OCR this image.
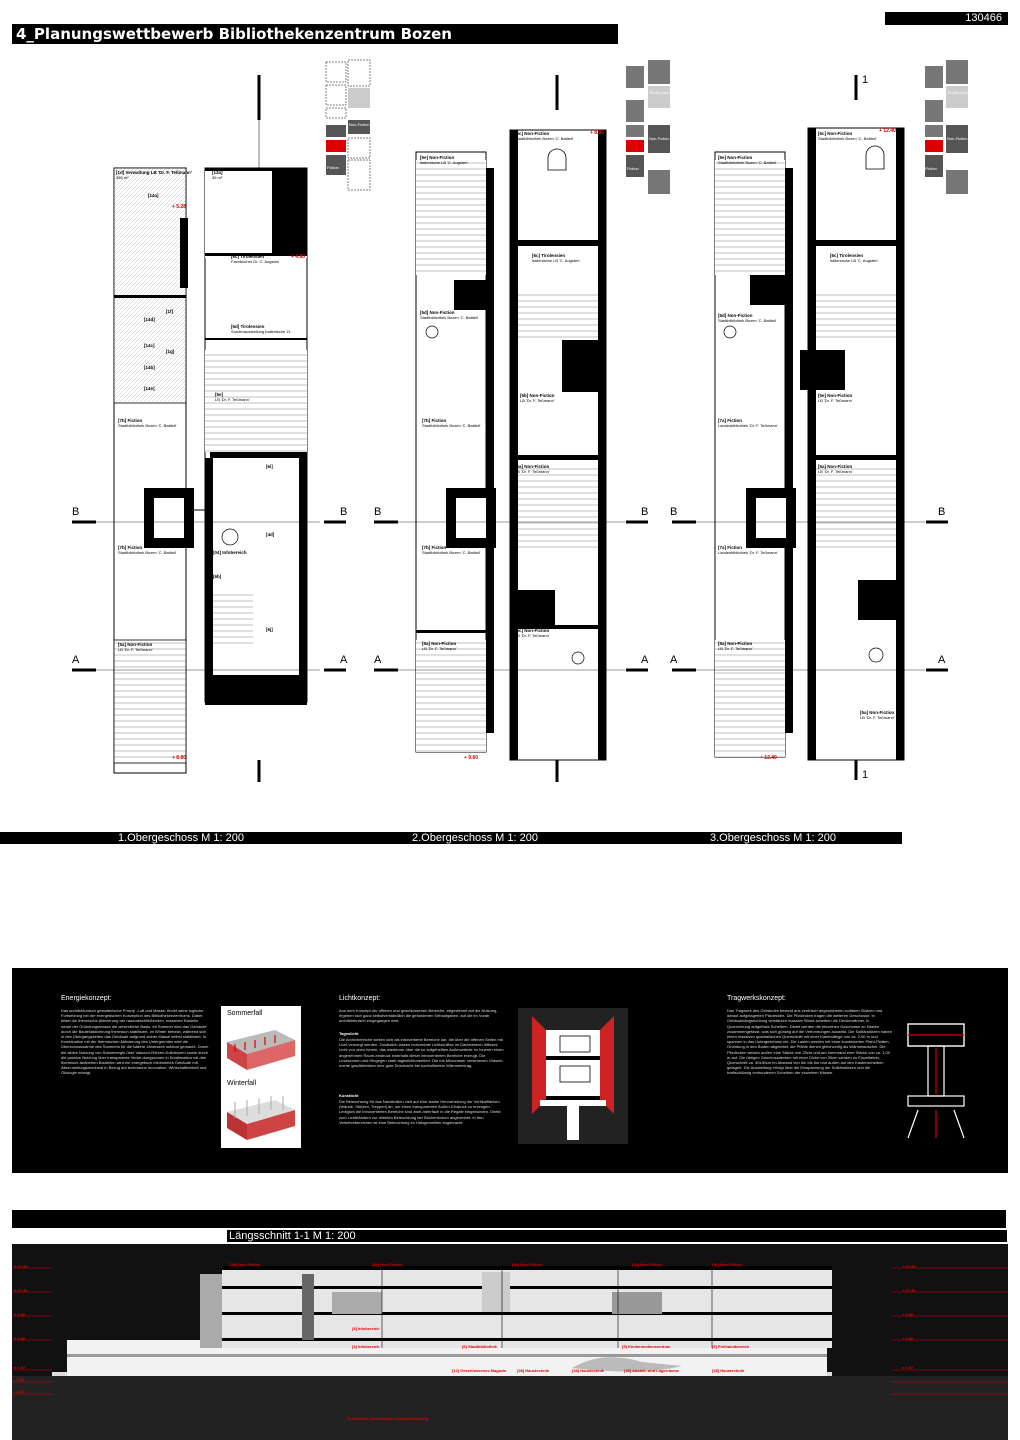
130466
4_Planungswettbewerb Bibliothekenzentrum Bozen
Non-Fiction
Fiction
Tirolen-sien
Non-Fiction
Fiction
Tirolen-sien
Non-Fiction
Fiction
B	B
A	A
B	B
A	A
B	B
A	A
1
1
+ 4.80
+ 5.28
+ 8.80
+ 8.80
+ 9.60
+ 12.40
+ 12.40
[1d] Verwaltung LB 'Dr. F. Teßmann'
389 m²
[13a]
36 m²
[14a]
[6c] Tirolensien
Fachbücher Dr. C. Augsten
[6d] Tirolensien
Sonderausstellung Italienische Zt.
[14d]
[14c]
[14b]
[1f]
[1g]
[14e]
[5e]
LB 'Dr. F. Teßmann'
[7b] Fiction
Stadtbibliothek Bozen 'C. Battisti'
[6i]
[4d]
[6j]
[7b] Fiction
Stadtbibliothek Bozen 'C. Battisti'	[04] Infobereich
[6b]
[5a] Non-Fiction
LB 'Dr. F. Teßmann'
[5c] Non-Fiction
Stadtbibliothek Bozen 'C. Battisti'
[5e] Non-Fiction
Italienische LB 'C. Augsten'
[6c] Tirolensien
Italienische LB 'C. Augsten'
[5d] Non-Fiction
Stadtbibliothek Bozen 'C. Battisti'
[5b] Non-Fiction
LB 'Dr. F. Teßmann'
[7b] Fiction
Stadtbibliothek Bozen 'C. Battisti'
[5a] Non-Fiction
LB 'Dr. F. Teßmann'
[7b] Fiction
Stadtbibliothek Bozen 'C. Battisti'
[5c] Non-Fiction
LB 'Dr. F. Teßmann'
[5a] Non-Fiction
LB 'Dr. F. Teßmann'
[5c] Non-Fiction
Stadtbibliothek Bozen 'C. Battisti'
[5e] Non-Fiction
Stadtbibliothek Bozen 'C. Battisti'
[6c] Tirolensien
Italienische LB 'C. Augsten'
[5d] Non-Fiction
Stadtbibliothek Bozen 'C. Battisti'
[7a] Fiction
Landesbibliothek 'Dr. F. Teßmann'
[5e] Non-Fiction
LB 'Dr. F. Teßmann'
[5a] Non-Fiction
LB 'Dr. F. Teßmann'
[7a] Fiction
Landesbibliothek 'Dr. F. Teßmann'
[5a] Non-Fiction
LB 'Dr. F. Teßmann'
[5a] Non-Fiction
LB 'Dr. F. Teßmann'
1.Obergeschoss M 1: 200	2.Obergeschoss M 1: 200	3.Obergeschoss M 1: 200
Energiekonzept:

Das architektonisch gestalterische Prinzip -Luft und Masse- findet seine logische Fortsetzung bei der energetischen Konzeption des Bibliothekenzentrums. Dabei bildet die thermische Aktivierung der raumabschließenden, massiven Bauteile sowie der Gründungsmasse die wesentliche Basis. Im Sommer wird das Gebäude durch die Bauteilaktivierung thermisch stabilisiert, im Winter beheizt, während sich in den Übergangszeiten das Gebäude aufgrund seiner Masse selbst stabilisiert. In Kombination mit der thermischen Aktivierung des Untergrundes wird die Überschusswärme des Sommers für die kältere Jahreszeit nutzbar gemacht. Durch die aktive Nutzung von Solarenergie über Vakuum-Röhren-Kollektoren sowie durch die passive Nutzung über transparente Verbe-dungszonen in Kombination mit den thermisch aktivierten Bauteilen wird ein energetisch minimiertes Gebäude mit Allein-stellungsmerkmal in Bezug auf technische Innovation, Wirtschaftlichkeit und Ökologie erlangt.

Sommerfall
Winterfall
Lichtkonzept:

Aus dem Konzept der offenen und geschlossenen Bereiche, abgestimmt auf die Nutzung, ergeben sich ganz selbstverständlich die gefundenen Sehaufgaben, auf die im Vorab architektonisch eingegangen wird.

Tageslicht

Die Archivbereiche stellen sich als introvertierte Bereiche dar, die über die offenen Seiten mit Licht versorgt werden. Zusätzlich lassen horizontale Lichtschlitze im Dachbereich diffuses Licht von oben herein, das wiederum über die so aufgehellten Außenwände im Inneren einen angenehmen Raum-eindruck innerhalb dieser introvertierten Bereiche erzeugt. Die Leseszonen und Hingegen stark tageslichtorientiert. Die mit Microraster versehenen Glasele-mente gewährleisten eine gute Durchsicht bei kontrolliertem Wärmeeintrag.

Kunstlicht

Die Beleuchtung für das Nachtmilieu zielt auf eine starke Hervorhebung der Vertikalflächen (Wände, Stützen, Treppen) ab, um einen transparenten Außen-Eindruck zu erzeugen. Lediglich die introvertierten Bereiche sind zwei-mehrfach in die Regale eingebunden. Direkt zum Lichtbändern zur direkten Beleuchtung der Bücherrücken angeordnet. In den Verkehrsbereichen ist eine Beleuchtung im Halogenmilieu angebracht.

Tragwerkskonzept:

Das Tragwerk des Gebäudes besteht aus zentrisch angeordneten solitären Stützen und darauf aufgelagerten Pilzdecken. Die Pilzdecken tragen die weiteren Geschosse. In Gebäudelängsrichtung verstärken massive Wand-scheiben die Deckenränder, in Querrichtung aufgelöste Scheiben. Damit werden die einzelnen Geschosse zu Kästen zusammengefasst, was sich günstig auf die Verformungen auswirkt. Die Solitärstützen haben einen massiven quadratischen Querschnitt mit einer Kantenlänge von ca. 2,00 m und spannen in das Untergeschoss ein. Die Lasten werden mit einer kombinierten Pfahl-Platten-Gründung in den Boden abgeleitet, die Pfähle dienen gleichzeitig als Wärmetauscher. Die Pilzdecken weisen außen eine Stärke von 25cm und am Innenrand eine Stärke von ca. 1,00 m auf. Die übrigen Geschossdecken mit einer Dicke von 30cm werden zu Einzeltafeln, Querschnitt ca. 30x30cm im Abstand von 5m bis 6m und außen auf den Kastenscheiben gelagert. Die Aussteifung erfolgt über die Einspannung der Solitärstützen und die kraftschlüssig verbundenen Scheiben der einzelnen Kästen.

Längsschnitt 1-1 M 1: 200
+ 16.00
+ 12.40
+ 8.80
+ 4.80
± 0.00
- 1.20
- 4.20
+ 16.00
+ 12.40
+ 8.80
+ 4.80
± 0.00
[5a] Non-Fiction	[5c] Non-Fiction	[5c] Non-Fiction	[5e] Non-Fiction	[5c] Non-Fiction
[4] Infobereich
[4] Infobereich	[6] Stadtbibliothek	[5] Kindermediensentrum	[5] Freihandbereich
[12] Geschlossenes Magazin	[28] Haustechnik	[28] Haustechnik	[28] Abstell- und Lagerräume	[28] Haustechnik
Technische Infrastruktur Gebäudewaldung
